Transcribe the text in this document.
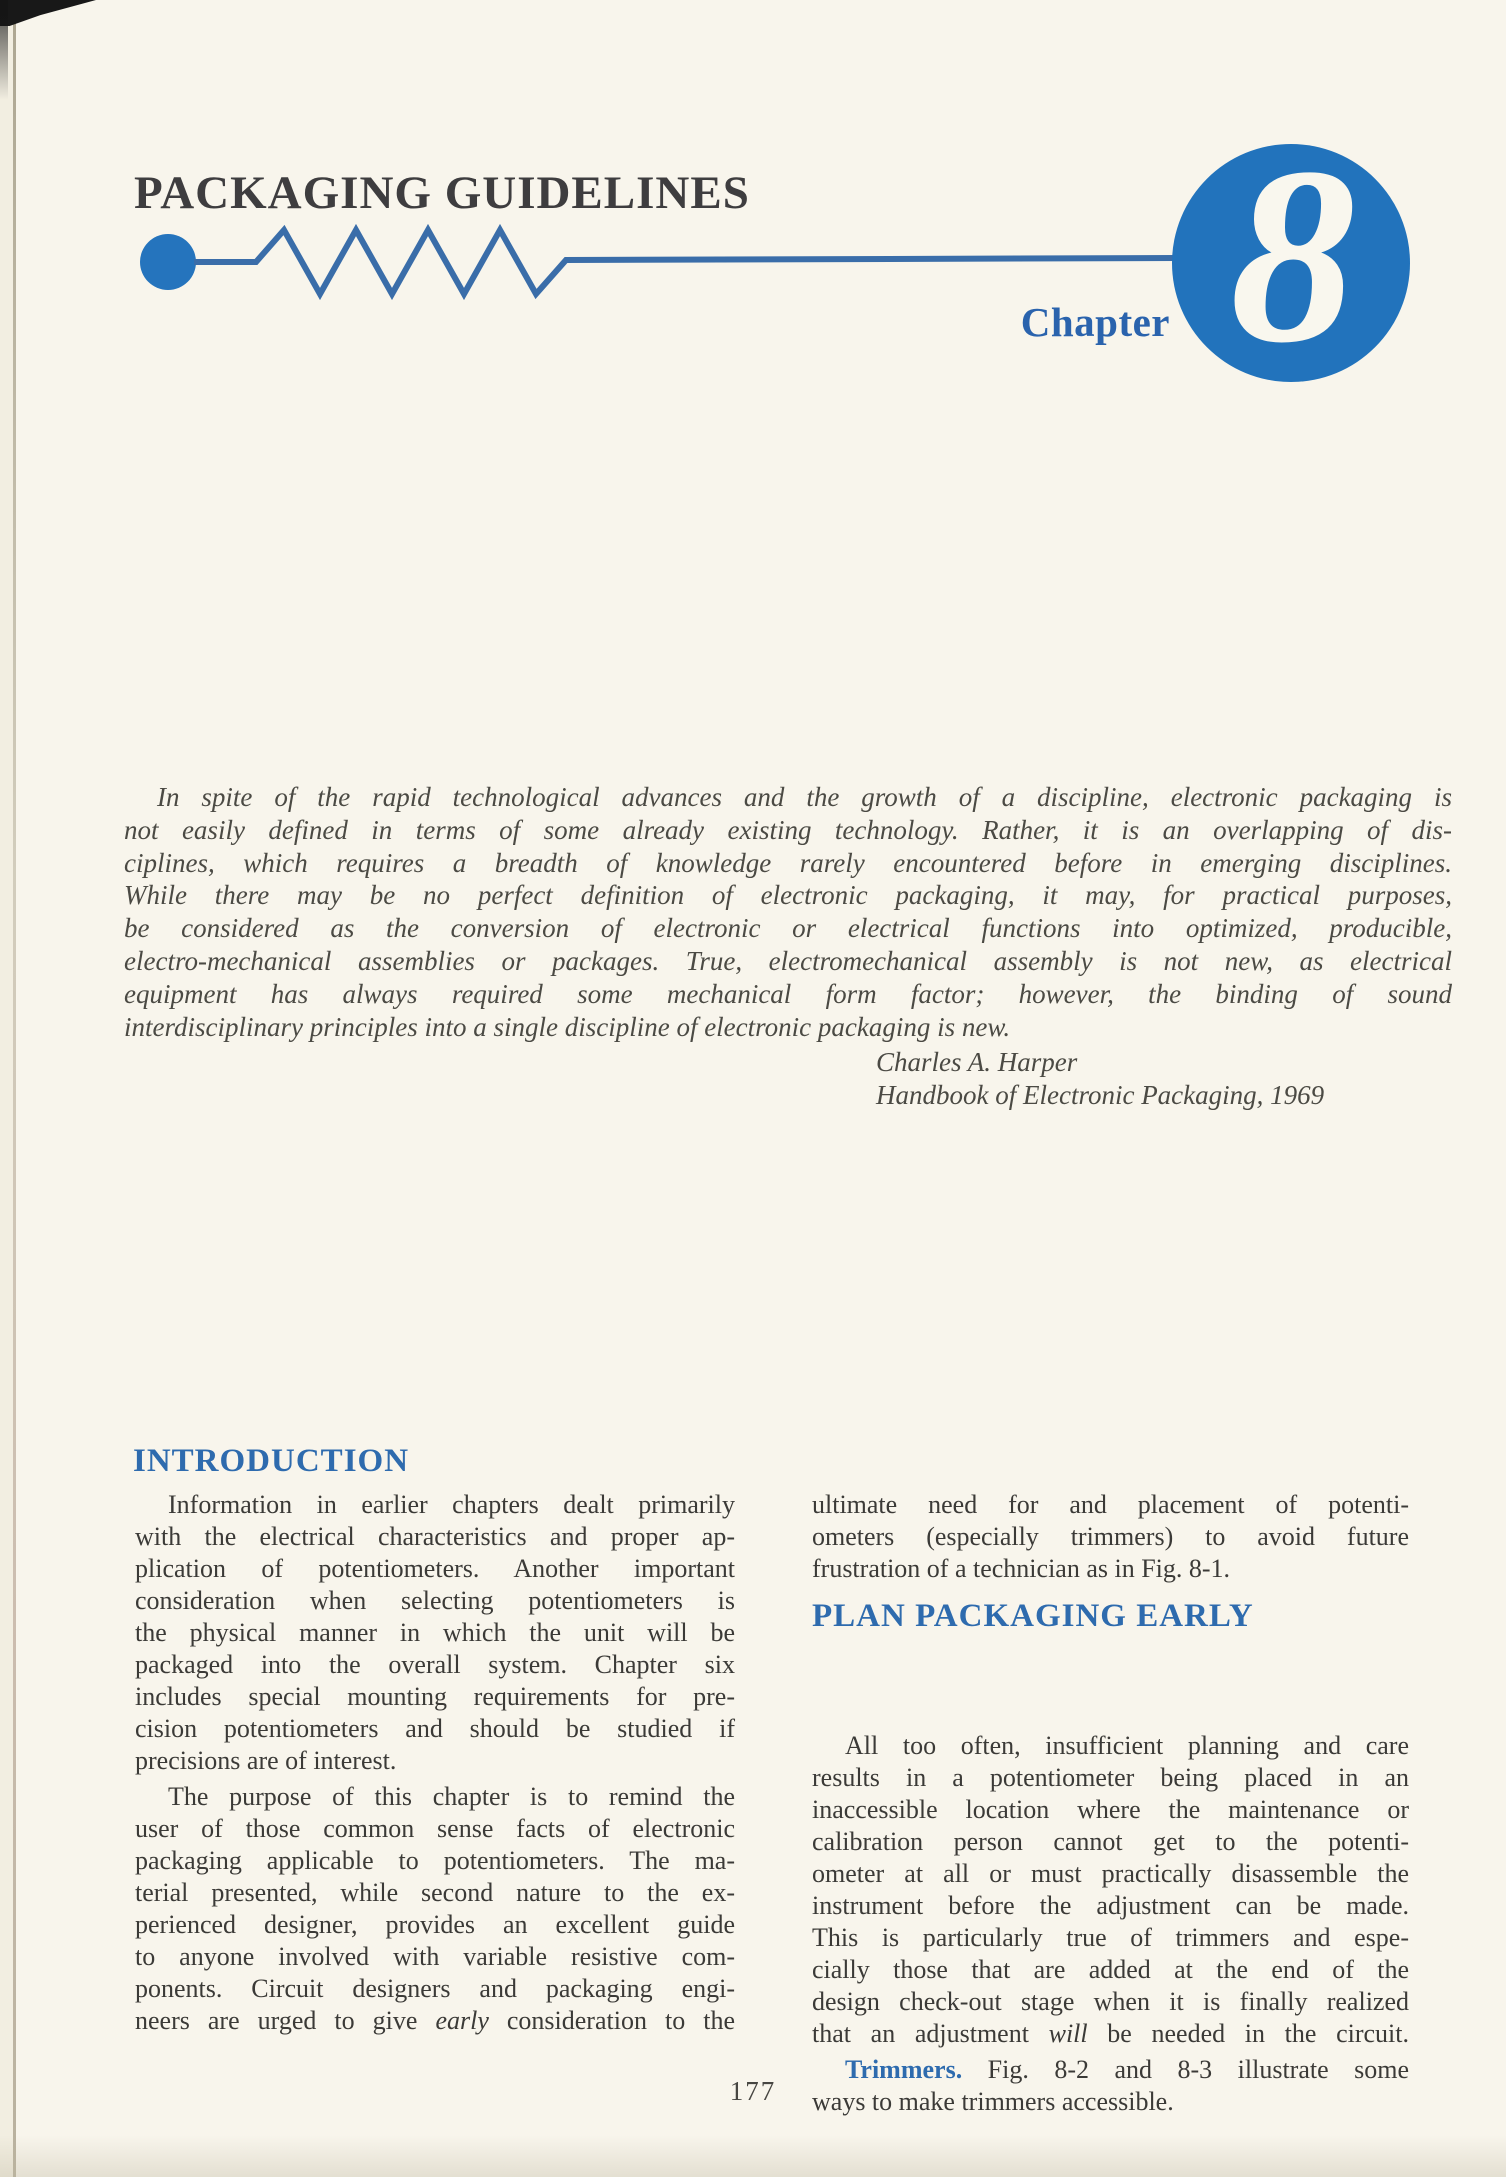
PACKAGING GUIDELINES
Chapter 8
In spite of the rapid technological advances and the growth of a discipline, electronic packaging is
not easily defined in terms of some already existing technology. Rather, it is an overlapping of dis-
ciplines, which requires a breadth of knowledge rarely encountered before in emerging disciplines.
While there may be no perfect definition of electronic packaging, it may, for practical purposes,
be considered as the conversion of electronic or electrical functions into optimized, producible,
electro-mechanical assemblies or packages. True, electromechanical assembly is not new, as electrical
equipment has always required some mechanical form factor; however, the binding of sound
interdisciplinary principles into a single discipline of electronic packaging is new.
Charles A. Harper
Handbook of Electronic Packaging, 1969
INTRODUCTION
PLAN PACKAGING EARLY
Information in earlier chapters dealt primarily
with the electrical characteristics and proper ap-
plication of potentiometers. Another important
consideration when selecting potentiometers is
the physical manner in which the unit will be
packaged into the overall system. Chapter six
includes special mounting requirements for pre-
cision potentiometers and should be studied if
precisions are of interest.
The purpose of this chapter is to remind the
user of those common sense facts of electronic
packaging applicable to potentiometers. The ma-
terial presented, while second nature to the ex-
perienced designer, provides an excellent guide
to anyone involved with variable resistive com-
ponents. Circuit designers and packaging engi-
neers are urged to give early consideration to the
ultimate need for and placement of potenti-
ometers (especially trimmers) to avoid future
frustration of a technician as in Fig. 8-1.
All too often, insufficient planning and care
results in a potentiometer being placed in an
inaccessible location where the maintenance or
calibration person cannot get to the potenti-
ometer at all or must practically disassemble the
instrument before the adjustment can be made.
This is particularly true of trimmers and espe-
cially those that are added at the end of the
design check-out stage when it is finally realized
that an adjustment will be needed in the circuit.
Trimmers. Fig. 8-2 and 8-3 illustrate some
ways to make trimmers accessible.
177
